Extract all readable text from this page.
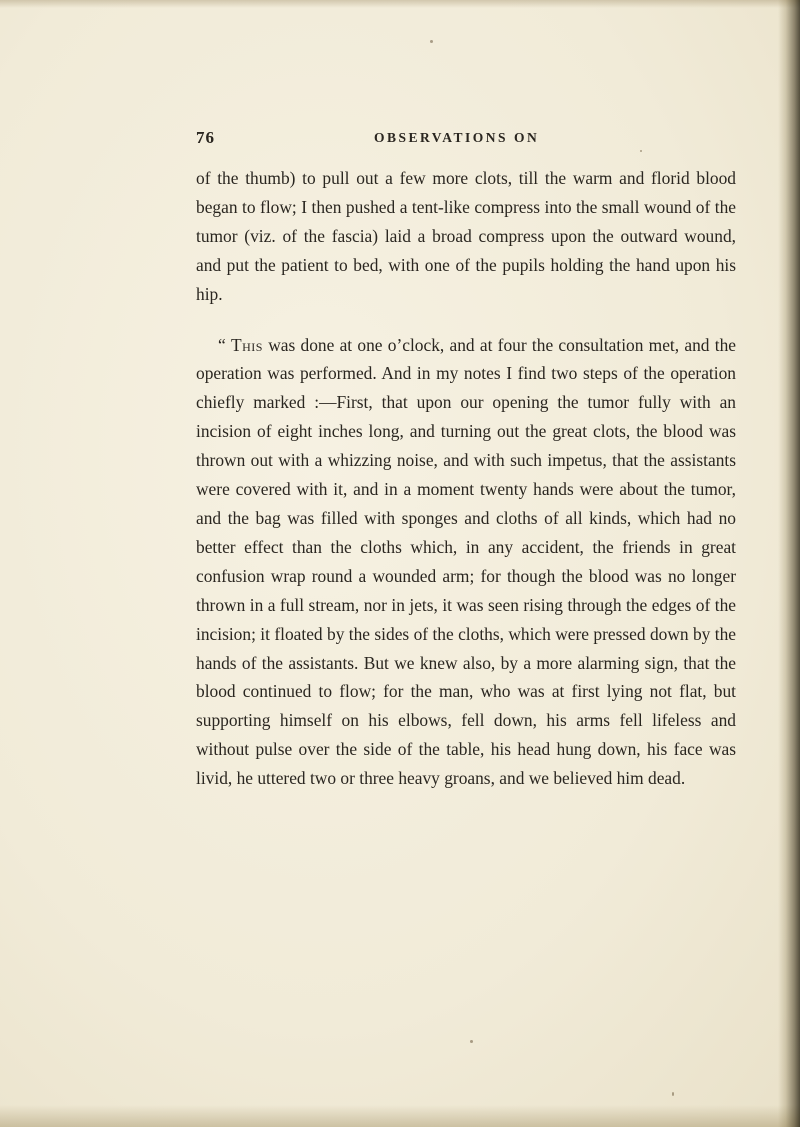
76	OBSERVATIONS ON

of the thumb) to pull out a few more clots, till the warm and florid blood began to flow; I then pushed a tent-like compress into the small wound of the tumor (viz. of the fascia) laid a broad compress upon the outward wound, and put the patient to bed, with one of the pupils holding the hand upon his hip.

“ This was done at one o’clock, and at four the consultation met, and the operation was performed. And in my notes I find two steps of the operation chiefly marked :—First, that upon our opening the tumor fully with an incision of eight inches long, and turning out the great clots, the blood was thrown out with a whizzing noise, and with such impetus, that the assistants were covered with it, and in a moment twenty hands were about the tumor, and the bag was filled with sponges and cloths of all kinds, which had no better effect than the cloths which, in any accident, the friends in great confusion wrap round a wounded arm; for though the blood was no longer thrown in a full stream, nor in jets, it was seen rising through the edges of the incision; it floated by the sides of the cloths, which were pressed down by the hands of the assistants. But we knew also, by a more alarming sign, that the blood continued to flow; for the man, who was at first lying not flat, but supporting himself on his elbows, fell down, his arms fell lifeless and without pulse over the side of the table, his head hung down, his face was livid, he uttered two or three heavy groans, and we believed him dead.
